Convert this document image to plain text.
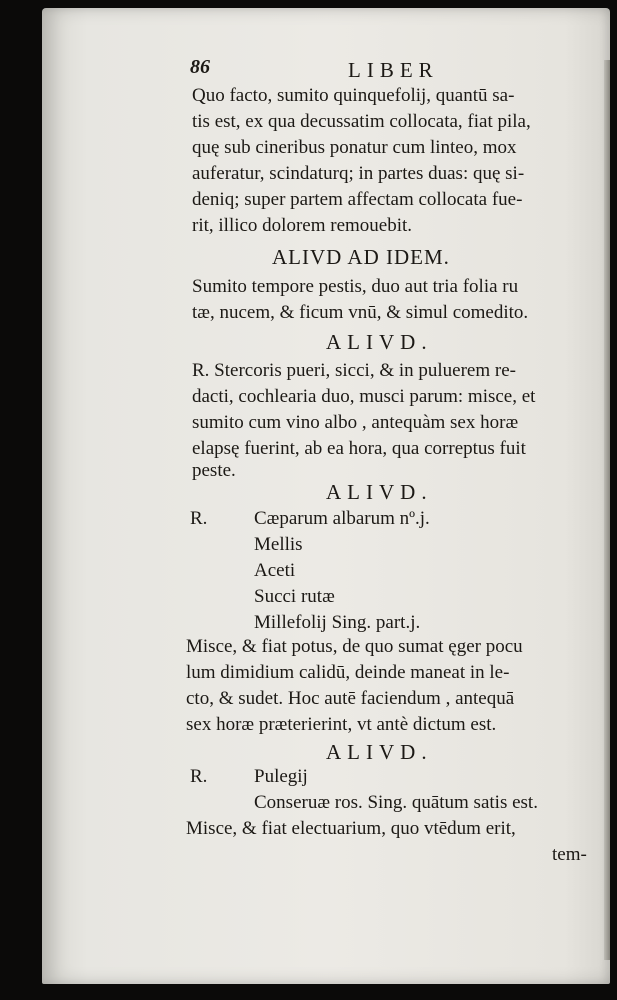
86	LIBER
Quo facto, sumito quinquefolij, quantū sa-
tis est, ex qua decussatim collocata, fiat pila,
quę sub cineribus ponatur cum linteo, mox
auferatur, scindaturq; in partes duas: quę si-
deniq; super partem affectam collocata fue-
rit, illico dolorem remouebit.
ALIVD AD IDEM.
Sumito tempore pestis, duo aut tria folia ru
tæ, nucem, & ficum vnū, & simul comedito.
ALIVD.
R. Stercoris pueri, sicci, & in puluerem re-
dacti, cochlearia duo, musci parum: misce, et
sumito cum vino albo , antequàm sex horæ
elapsę fuerint, ab ea hora, qua correptus fuit
peste.
ALIVD.
R. Cæparum albarum nº.j.
Mellis
Aceti
Succi rutæ
Millefolij Sing. part.j.
Misce, & fiat potus, de quo sumat ęger pocu
lum dimidium calidū, deinde maneat in le-
cto, & sudet. Hoc autē faciendum , antequā
sex horæ præterierint, vt antè dictum est.
ALIVD.
R. Pulegij
Conseruæ ros. Sing. quātum satis est.
Misce, & fiat electuarium, quo vtēdum erit,
tem-
